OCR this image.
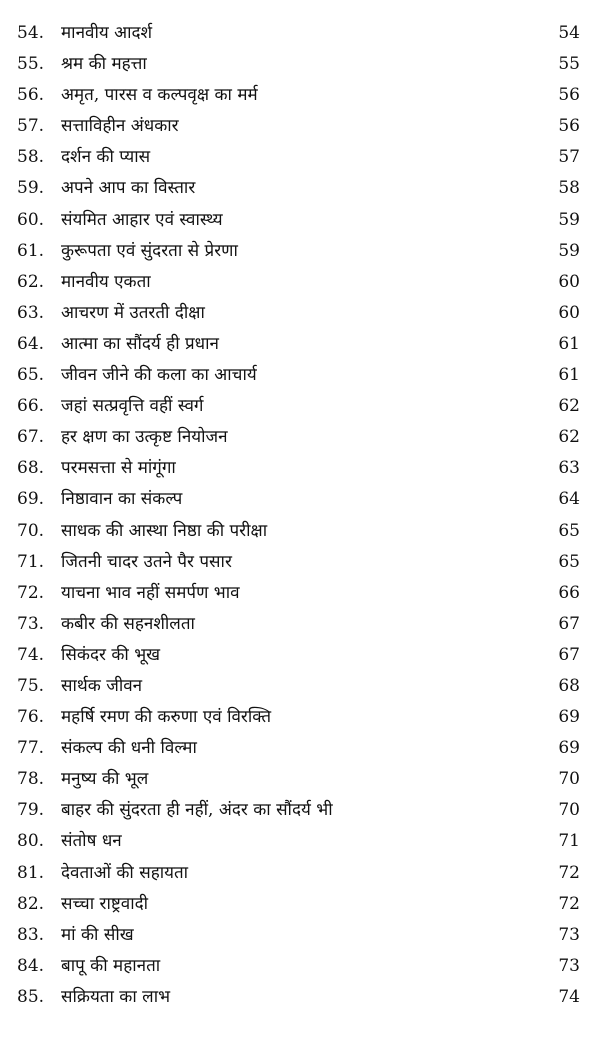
54. मानवीय आदर्श	54
55. श्रम की महत्ता	55
56. अमृत, पारस व कल्पवृक्ष का मर्म	56
57. सत्ताविहीन अंधकार	56
58. दर्शन की प्यास	57
59. अपने आप का विस्तार	58
60. संयमित आहार एवं स्वास्थ्य	59
61. कुरूपता एवं सुंदरता से प्रेरणा	59
62. मानवीय एकता	60
63. आचरण में उतरती दीक्षा	60
64. आत्मा का सौंदर्य ही प्रधान	61
65. जीवन जीने की कला का आचार्य	61
66. जहां सत्प्रवृत्ति वहीं स्वर्ग	62
67. हर क्षण का उत्कृष्ट नियोजन	62
68. परमसत्ता से मांगूंगा	63
69. निष्ठावान का संकल्प	64
70. साधक की आस्था निष्ठा की परीक्षा	65
71. जितनी चादर उतने पैर पसार	65
72. याचना भाव नहीं समर्पण भाव	66
73. कबीर की सहनशीलता	67
74. सिकंदर की भूख	67
75. सार्थक जीवन	68
76. महर्षि रमण की करुणा एवं विरक्ति	69
77. संकल्प की धनी विल्मा	69
78. मनुष्य की भूल	70
79. बाहर की सुंदरता ही नहीं, अंदर का सौंदर्य भी	70
80. संतोष धन	71
81. देवताओं की सहायता	72
82. सच्चा राष्ट्रवादी	72
83. मां की सीख	73
84. बापू की महानता	73
85. सक्रियता का लाभ	74
